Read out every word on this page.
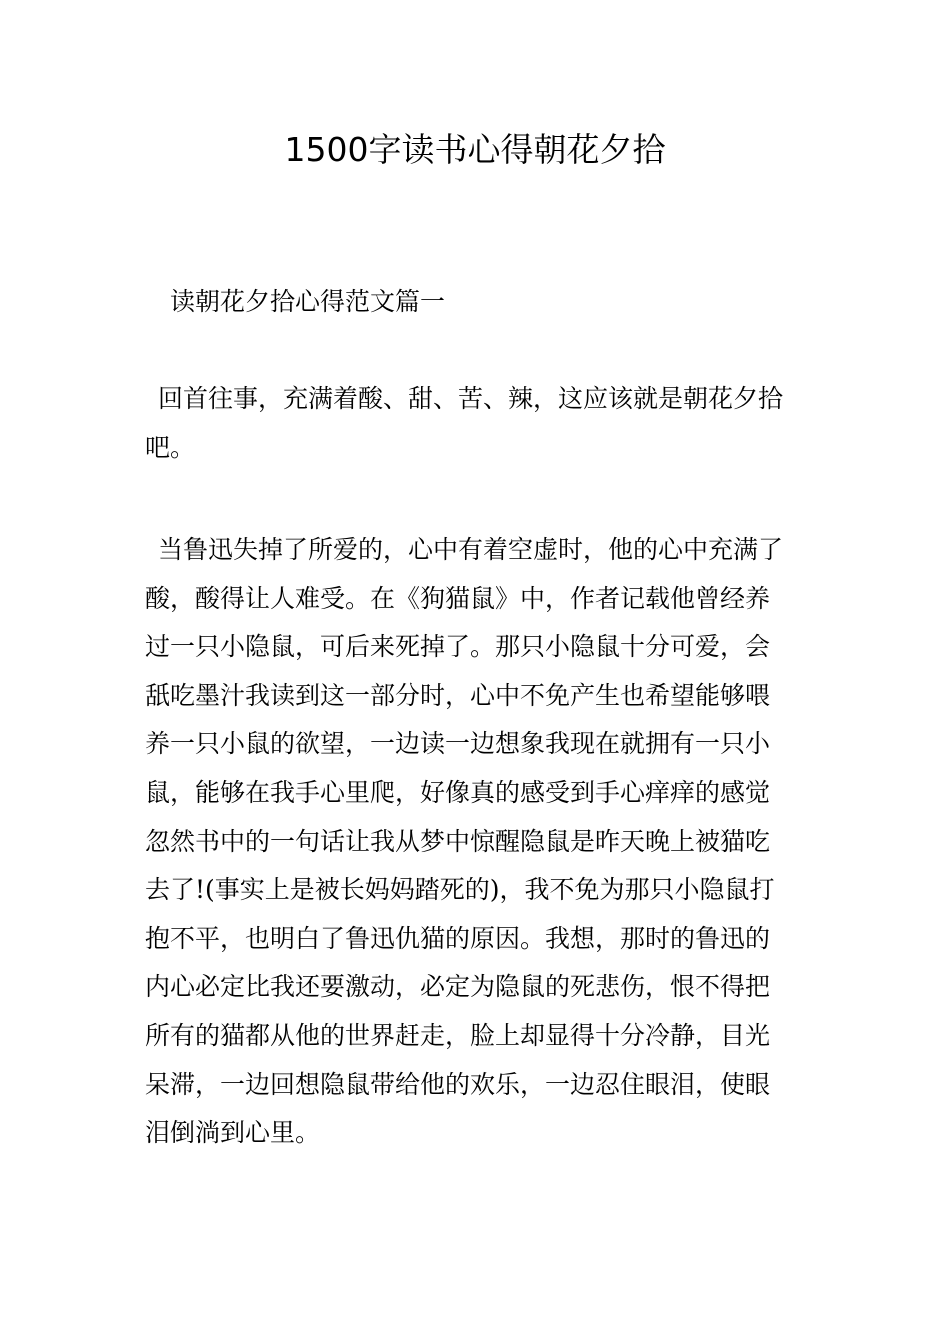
1500字读书心得朝花夕拾
读朝花夕拾心得范文篇一
回首往事，充满着酸、甜、苦、辣，这应该就是朝花夕拾
吧。
当鲁迅失掉了所爱的，心中有着空虚时，他的心中充满了
酸，酸得让人难受。在《狗猫鼠》中，作者记载他曾经养
过一只小隐鼠，可后来死掉了。那只小隐鼠十分可爱，会
舐吃墨汁我读到这一部分时，心中不免产生也希望能够喂
养一只小鼠的欲望，一边读一边想象我现在就拥有一只小
鼠，能够在我手心里爬，好像真的感受到手心痒痒的感觉
忽然书中的一句话让我从梦中惊醒隐鼠是昨天晚上被猫吃
去了!(事实上是被长妈妈踏死的)，我不免为那只小隐鼠打
抱不平，也明白了鲁迅仇猫的原因。我想，那时的鲁迅的
内心必定比我还要激动，必定为隐鼠的死悲伤，恨不得把
所有的猫都从他的世界赶走，脸上却显得十分冷静，目光
呆滞，一边回想隐鼠带给他的欢乐，一边忍住眼泪，使眼
泪倒淌到心里。
